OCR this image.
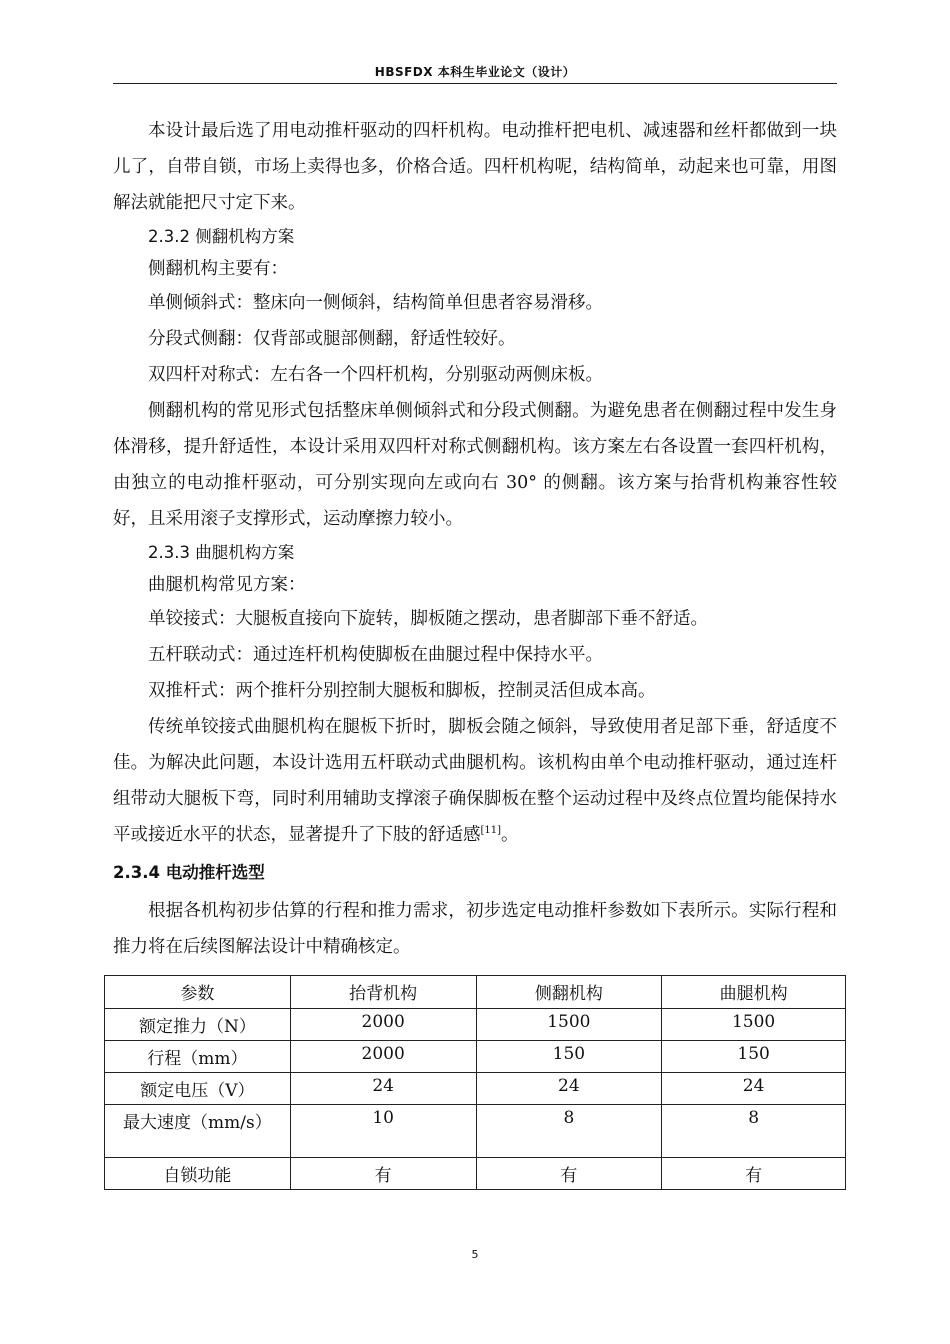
HBSFDX 本科生毕业论文（设计）

本设计最后选了用电动推杆驱动的四杆机构。电动推杆把电机、减速器和丝杆都做到一块儿了，自带自锁，市场上卖得也多，价格合适。四杆机构呢，结构简单，动起来也可靠，用图解法就能把尺寸定下来。

2.3.2 侧翻机构方案

侧翻机构主要有：

单侧倾斜式：整床向一侧倾斜，结构简单但患者容易滑移。

分段式侧翻：仅背部或腿部侧翻，舒适性较好。

双四杆对称式：左右各一个四杆机构，分别驱动两侧床板。

侧翻机构的常见形式包括整床单侧倾斜式和分段式侧翻。为避免患者在侧翻过程中发生身体滑移，提升舒适性，本设计采用双四杆对称式侧翻机构。该方案左右各设置一套四杆机构，由独立的电动推杆驱动，可分别实现向左或向右 30° 的侧翻。该方案与抬背机构兼容性较好，且采用滚子支撑形式，运动摩擦力较小。

2.3.3 曲腿机构方案

曲腿机构常见方案：

单铰接式：大腿板直接向下旋转，脚板随之摆动，患者脚部下垂不舒适。

五杆联动式：通过连杆机构使脚板在曲腿过程中保持水平。

双推杆式：两个推杆分别控制大腿板和脚板，控制灵活但成本高。

传统单铰接式曲腿机构在腿板下折时，脚板会随之倾斜，导致使用者足部下垂，舒适度不佳。为解决此问题，本设计选用五杆联动式曲腿机构。该机构由单个电动推杆驱动，通过连杆组带动大腿板下弯，同时利用辅助支撑滚子确保脚板在整个运动过程中及终点位置均能保持水平或接近水平的状态，显著提升了下肢的舒适感[11]。

2.3.4 电动推杆选型

根据各机构初步估算的行程和推力需求，初步选定电动推杆参数如下表所示。实际行程和推力将在后续图解法设计中精确核定。

参数	抬背机构	侧翻机构	曲腿机构
额定推力（N）	2000	1500	1500
行程（mm）	2000	150	150
额定电压（V）	24	24	24
最大速度（mm/s）	10	8	8
自锁功能	有	有	有
5
